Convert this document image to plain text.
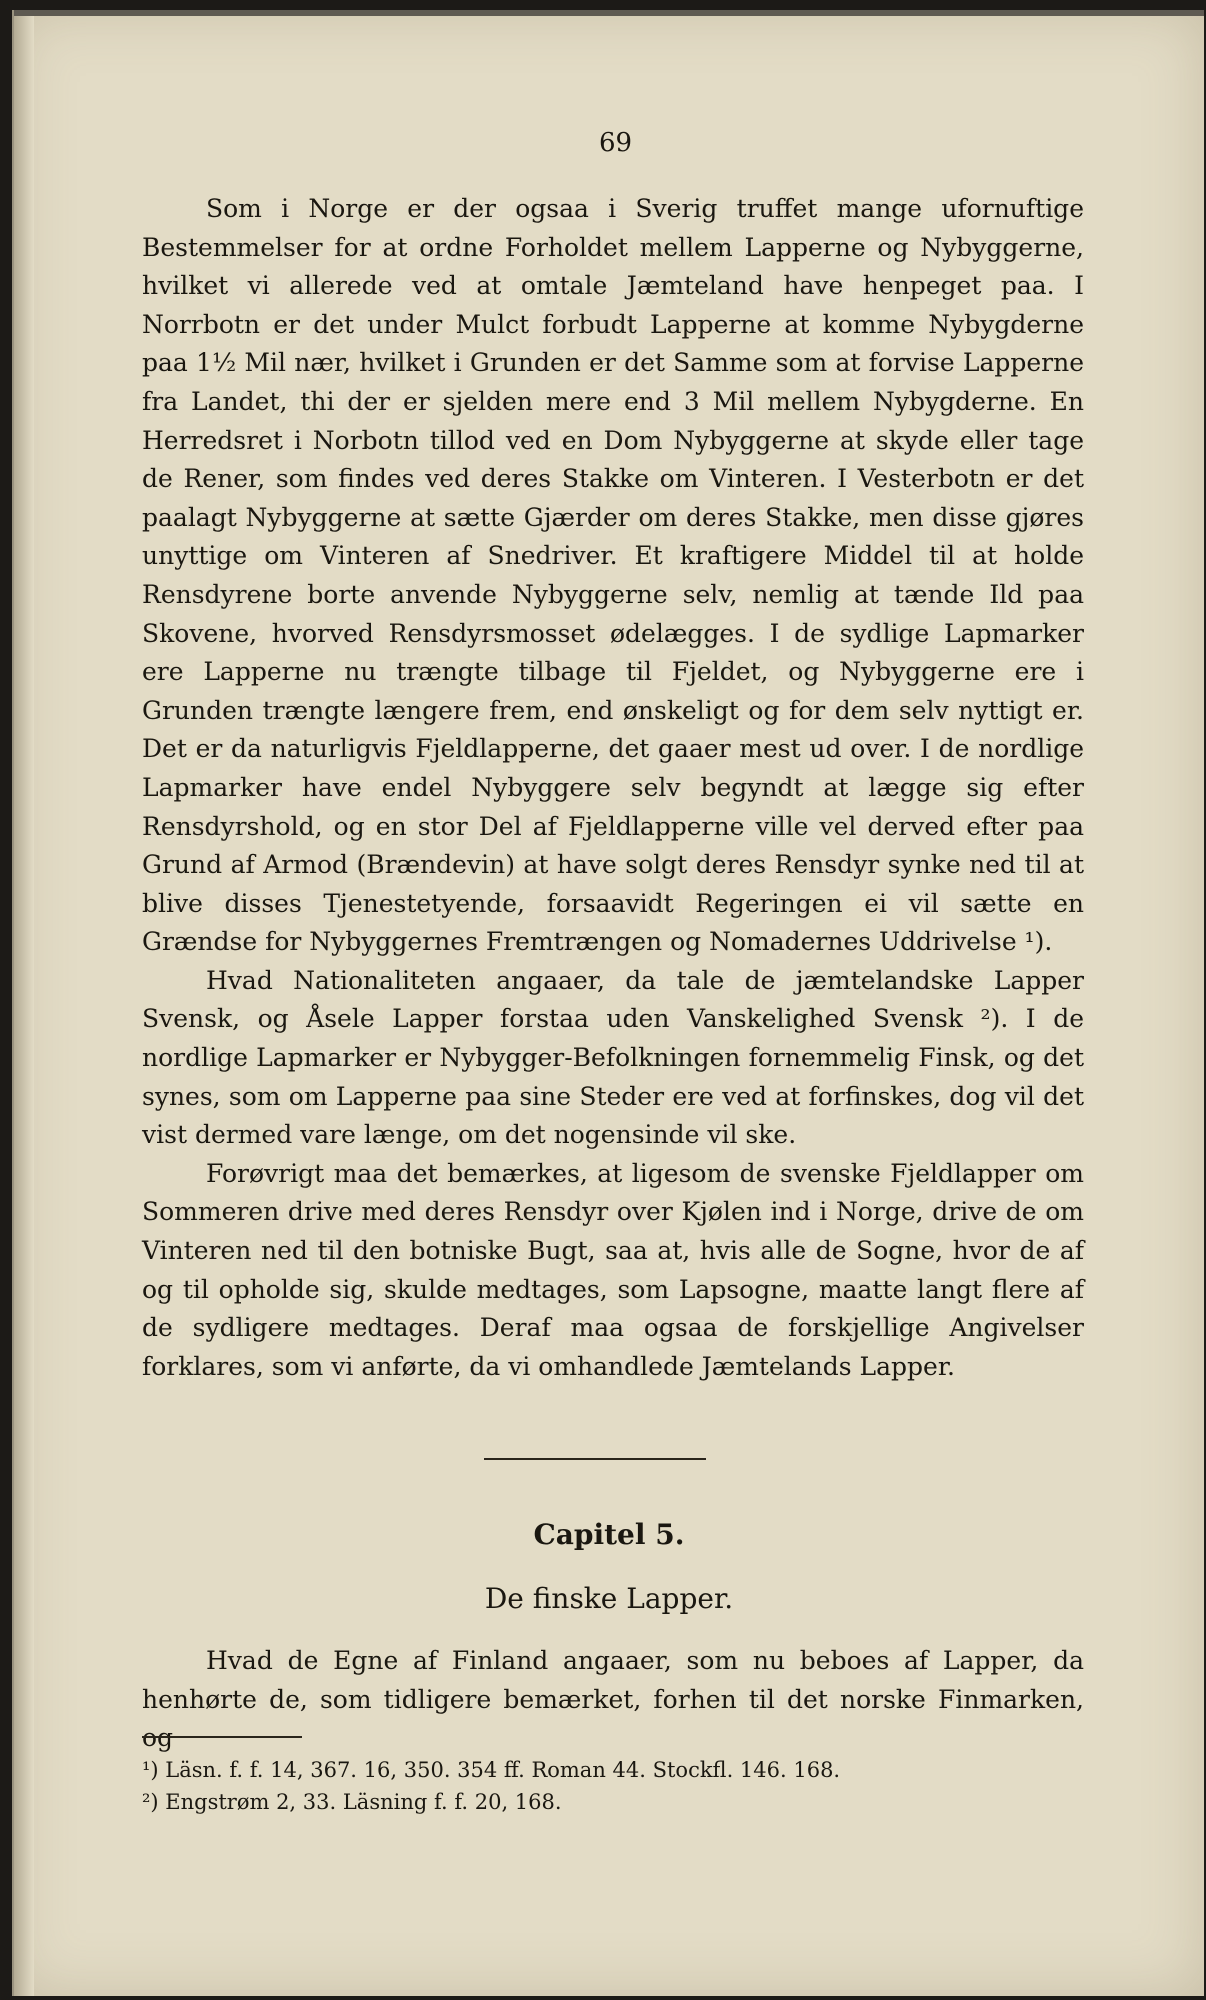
69

Som i Norge er der ogsaa i Sverig truffet mange ufornuftige Bestemmelser for at ordne Forholdet mellem Lapperne og Nybyggerne, hvilket vi allerede ved at omtale Jæmteland have henpeget paa. I Norrbotn er det under Mulct forbudt Lapperne at komme Nybygderne paa 1½ Mil nær, hvilket i Grunden er det Samme som at forvise Lapperne fra Landet, thi der er sjelden mere end 3 Mil mellem Nybygderne. En Herredsret i Norbotn tillod ved en Dom Nybyggerne at skyde eller tage de Rener, som findes ved deres Stakke om Vinteren. I Vesterbotn er det paalagt Nybyggerne at sætte Gjærder om deres Stakke, men disse gjøres unyttige om Vinteren af Snedriver. Et kraftigere Middel til at holde Rensdyrene borte anvende Nybyggerne selv, nemlig at tænde Ild paa Skovene, hvorved Rensdyrsmosset ødelægges. I de sydlige Lapmarker ere Lapperne nu trængte tilbage til Fjeldet, og Nybyggerne ere i Grunden trængte længere frem, end ønskeligt og for dem selv nyttigt er. Det er da naturligvis Fjeldlapperne, det gaaer mest ud over. I de nordlige Lapmarker have endel Nybyggere selv begyndt at lægge sig efter Rensdyrshold, og en stor Del af Fjeldlapperne ville vel derved efter paa Grund af Armod (Brændevin) at have solgt deres Rensdyr synke ned til at blive disses Tjenestetyende, forsaavidt Regeringen ei vil sætte en Grændse for Nybyggernes Fremtrængen og Nomadernes Uddrivelse ¹).

Hvad Nationaliteten angaaer, da tale de jæmtelandske Lapper Svensk, og Åsele Lapper forstaa uden Vanskelighed Svensk ²). I de nordlige Lapmarker er Nybygger-Befolkningen fornemmelig Finsk, og det synes, som om Lapperne paa sine Steder ere ved at forfinskes, dog vil det vist dermed vare længe, om det nogensinde vil ske.

Forøvrigt maa det bemærkes, at ligesom de svenske Fjeldlapper om Sommeren drive med deres Rensdyr over Kjølen ind i Norge, drive de om Vinteren ned til den botniske Bugt, saa at, hvis alle de Sogne, hvor de af og til opholde sig, skulde medtages, som Lapsogne, maatte langt flere af de sydligere medtages. Deraf maa ogsaa de forskjellige Angivelser forklares, som vi anførte, da vi omhandlede Jæmtelands Lapper.

Hvad de Egne af Finland angaaer, som nu beboes af Lapper, da henhørte de, som tidligere bemærket, forhen til det norske Finmarken, og

Capitel 5.
De finske Lapper.
¹) Läsn. f. f. 14, 367. 16, 350. 354 ff. Roman 44. Stockfl. 146. 168.
²) Engstrøm 2, 33. Läsning f. f. 20, 168.
